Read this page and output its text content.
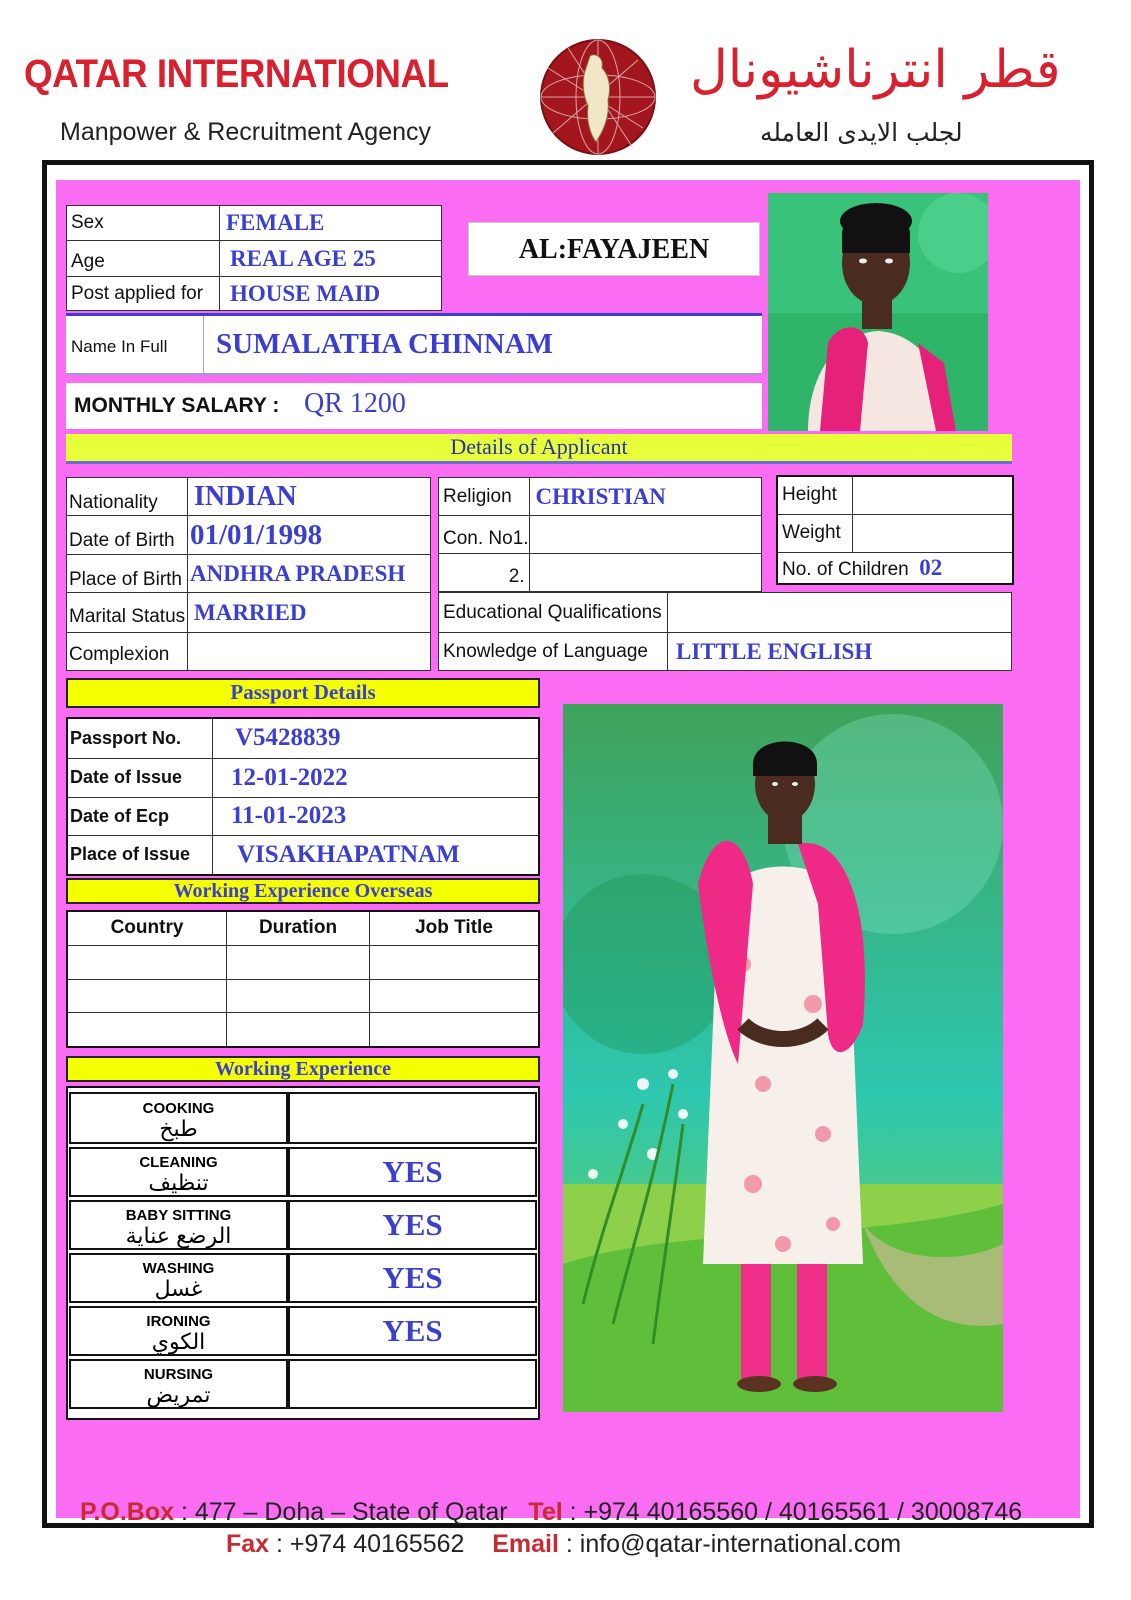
QATAR INTERNATIONAL
Manpower & Recruitment Agency
قطر انترناشيونال
لجلب الايدى العامله
Sex	FEMALE
Age	REAL AGE 25
Post applied for	HOUSE MAID
AL:FAYAJEEN
Name In Full SUMALATHA CHINNAM
MONTHLY SALARY : QR 1200
Details of Applicant
Nationality	INDIAN
Date of Birth	01/01/1998
Place of Birth	ANDHRA PRADESH
Marital Status	MARRIED
Complexion	
Religion	CHRISTIAN
Con. No1.	
2.	
Height	
Weight	
No. of Children 02	
Educational Qualifications	
Knowledge of Language	LITTLE ENGLISH
Passport Details
Passport No.	V5428839
Date of Issue	12-01-2022
Date of Ecp	11-01-2023
Place of Issue	VISAKHAPATNAM
Working Experience Overseas
Country	Duration	Job Title

Working Experience
COOKING
طبخ	

CLEANING
تنظيف	YES

BABY SITTING
الرضع عناية	YES

WASHING
غسل	YES

IRONING
الكوي	YES

NURSING
تمريض	

P.O.Box : 477 – Doha – State of Qatar Tel : +974 40165560 / 40165561 / 30008746
Fax : +974 40165562 Email : info@qatar-international.com
